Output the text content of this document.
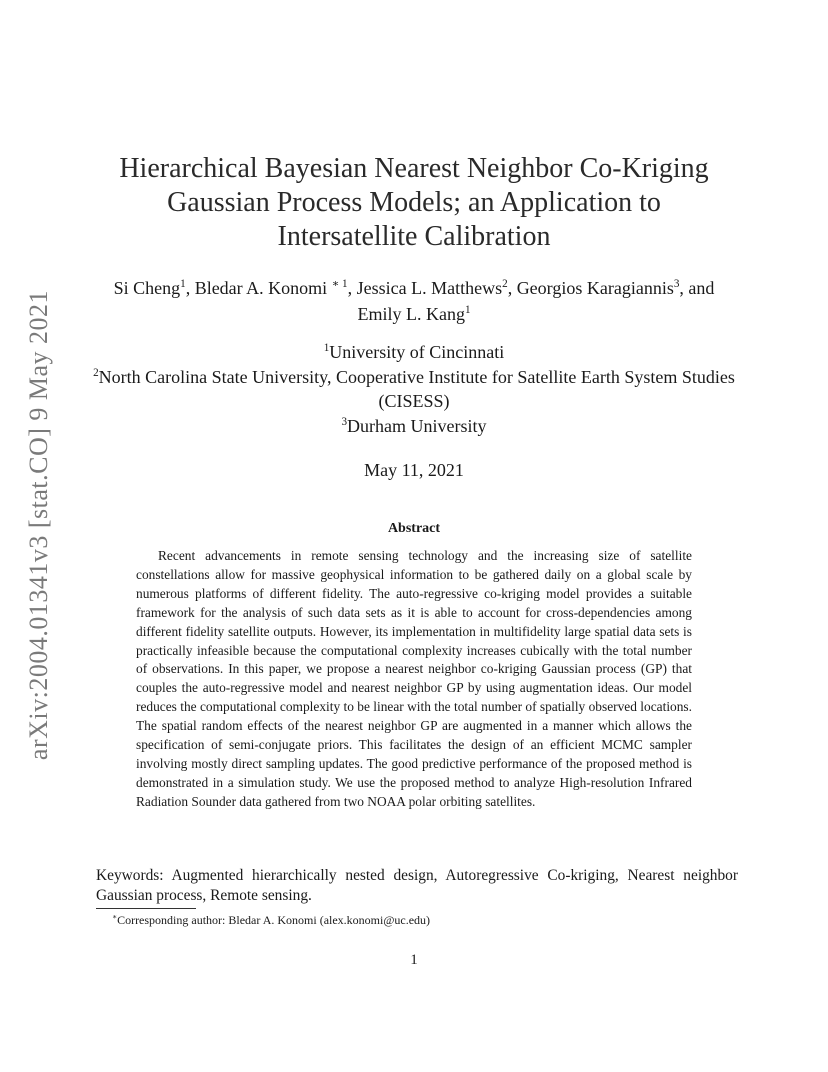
arXiv:2004.01341v3 [stat.CO] 9 May 2021
Hierarchical Bayesian Nearest Neighbor Co-Kriging
Gaussian Process Models; an Application to
Intersatellite Calibration
Si Cheng$^1$, Bledar A. Konomi $^{∗ 1}$, Jessica L. Matthews$^2$, Georgios Karagiannis$^3$, and Emily L. Kang$^1$
$^1$University of Cincinnati
$^2$North Carolina State University, Cooperative Institute for Satellite Earth System Studies (CISESS)
$^3$Durham University
May 11, 2021
Abstract
Recent advancements in remote sensing technology and the increasing size of satellite constellations allow for massive geophysical information to be gathered daily on a global scale by numerous platforms of different fidelity. The auto-regressive co-kriging model provides a suitable framework for the analysis of such data sets as it is able to account for cross-dependencies among different fidelity satellite outputs. However, its implementation in multifidelity large spatial data sets is practically infeasible because the computational complexity increases cubically with the total number of observations. In this paper, we propose a nearest neighbor co-kriging Gaussian process (GP) that couples the auto-regressive model and nearest neighbor GP by using augmentation ideas. Our model reduces the computational complexity to be linear with the total number of spatially observed locations. The spatial random effects of the nearest neighbor GP are augmented in a manner which allows the specification of semi-conjugate priors. This facilitates the design of an efficient MCMC sampler involving mostly direct sampling updates. The good predictive performance of the proposed method is demonstrated in a simulation study. We use the proposed method to analyze High-resolution Infrared Radiation Sounder data gathered from two NOAA polar orbiting satellites.
Keywords: Augmented hierarchically nested design, Autoregressive Co-kriging, Nearest neighbor Gaussian process, Remote sensing.
∗Corresponding author: Bledar A. Konomi (alex.konomi@uc.edu)
1
